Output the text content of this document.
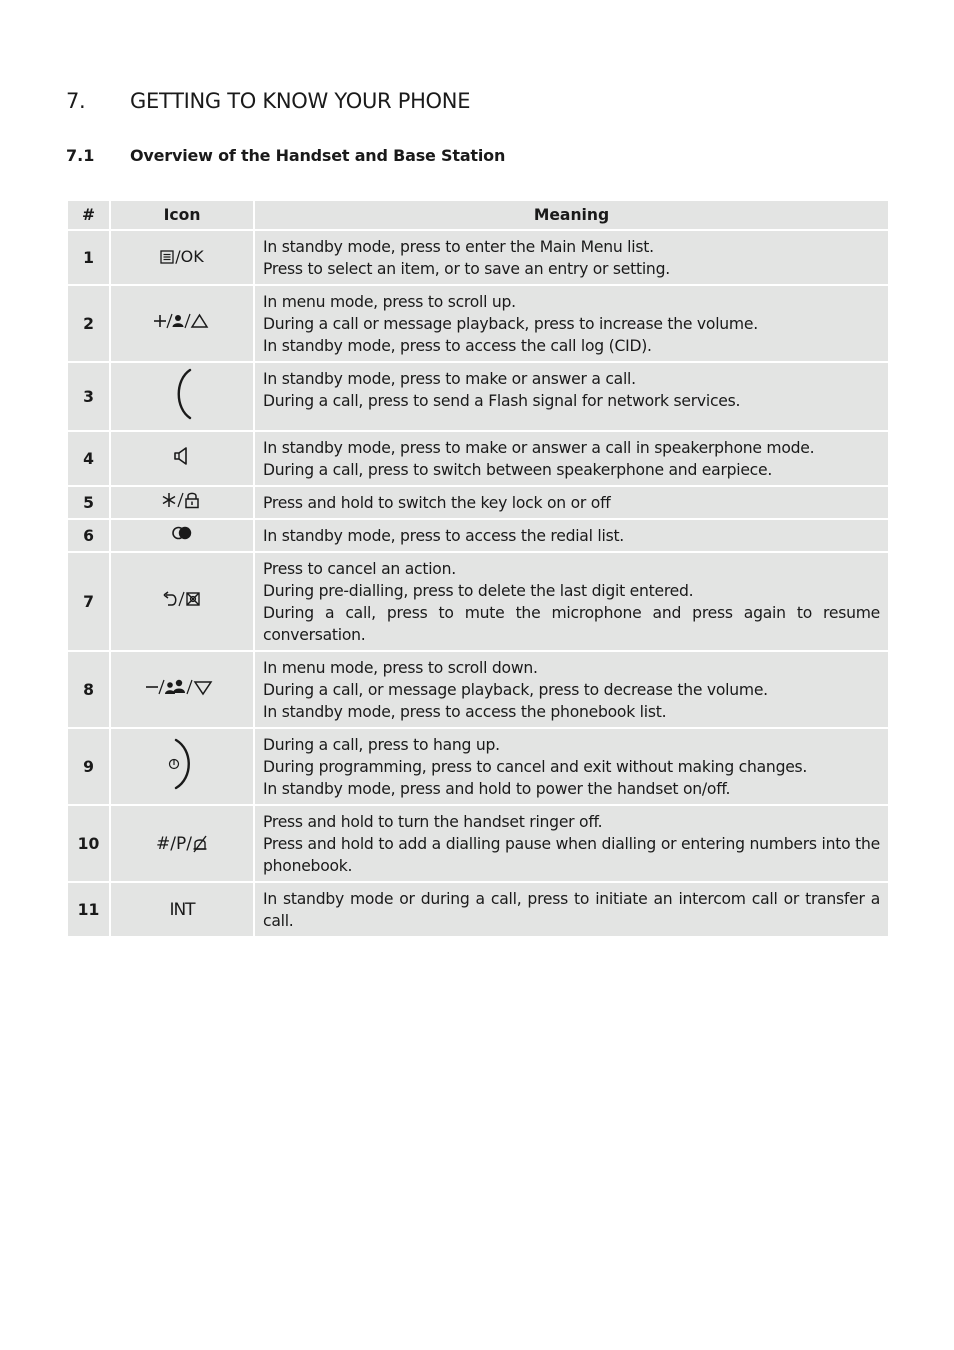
7. GETTING TO KNOW YOUR PHONE
7.1 Overview of the Handset and Base Station
#	Icon	Meaning
1	/OK	In standby mode, press to enter the Main Menu list.
Press to select an item, or to save an entry or setting.

2		In menu mode, press to scroll up.
During a call or message playback, press to increase the volume.
In standby mode, press to access the call log (CID).

3		In standby mode, press to make or answer a call.
During a call, press to send a Flash signal for network services.

4		In standby mode, press to make or answer a call in speakerphone mode.
During a call, press to switch between speakerphone and earpiece.

5		Press and hold to switch the key lock on or off

6		In standby mode, press to access the redial list.

7		Press to cancel an action.
During pre-dialling, press to delete the last digit entered.
During a call, press to mute the microphone and press again to resume conversation.

8		In menu mode, press to scroll down.
During a call, or message playback, press to decrease the volume.
In standby mode, press to access the phonebook list.

9		During a call, press to hang up.
During programming, press to cancel and exit without making changes.
In standby mode, press and hold to power the handset on/off.

10	#/P/	Press and hold to turn the handset ringer off.
Press and hold to add a dialling pause when dialling or entering numbers into the phonebook.

11	INT	In standby mode or during a call, press to initiate an intercom call or transfer a call.
